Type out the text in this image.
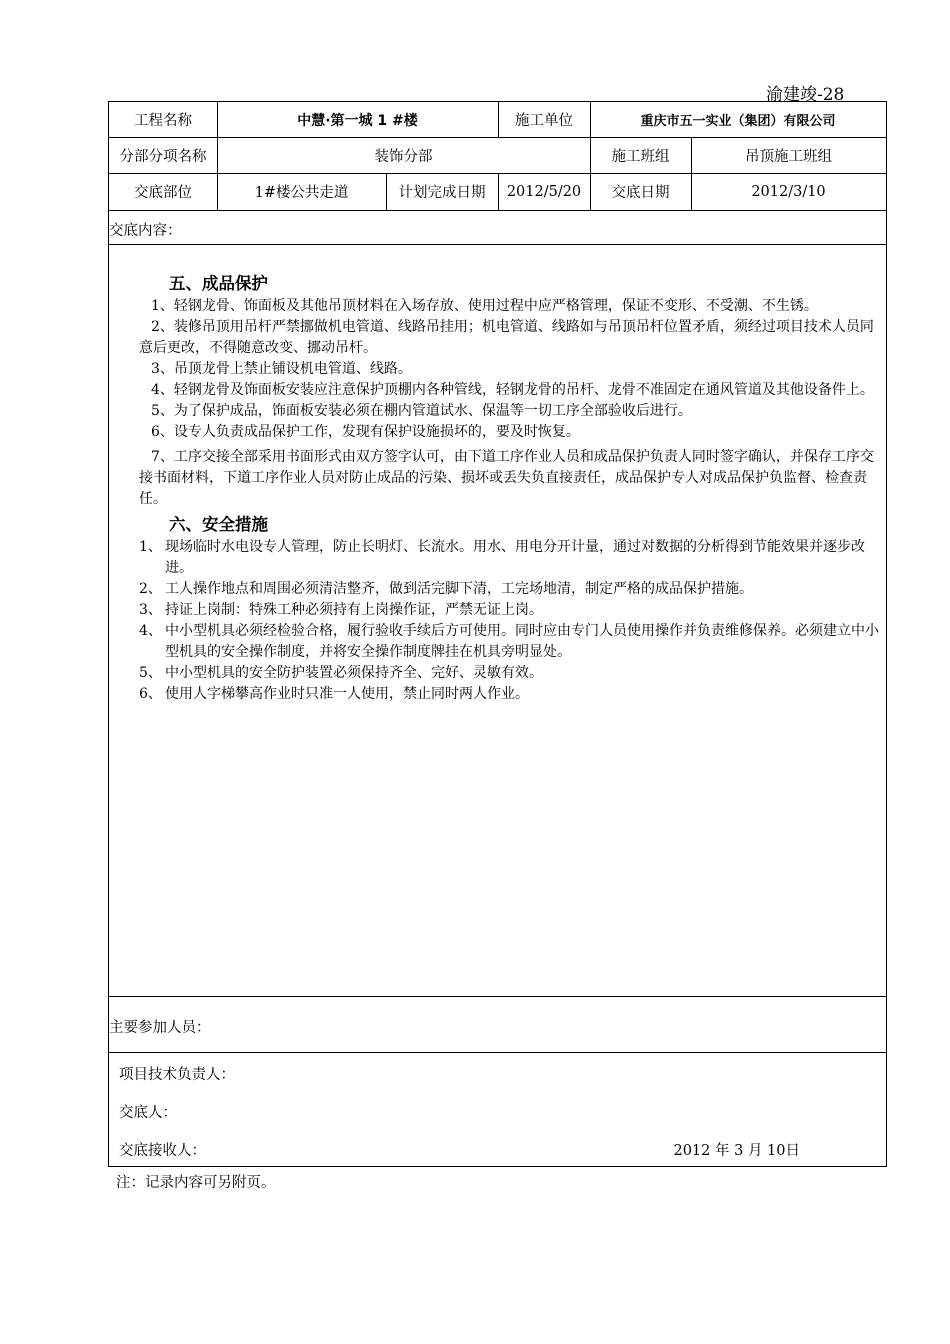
渝建竣-28
工程名称	中慧·第一城 1 #楼	施工单位	重庆市五一实业（集团）有限公司
分部分项名称	装饰分部	施工班组	吊顶施工班组
交底部位	1#楼公共走道	计划完成日期	2012/5/20	交底日期	2012/3/10
交底内容：
五、成品保护
1、轻钢龙骨、饰面板及其他吊顶材料在入场存放、使用过程中应严格管理，保证不变形、不受潮、不生锈。
2、装修吊顶用吊杆严禁挪做机电管道、线路吊挂用；机电管道、线路如与吊顶吊杆位置矛盾，须经过项目技术人员同意后更改，不得随意改变、挪动吊杆。
3、吊顶龙骨上禁止铺设机电管道、线路。
4、轻钢龙骨及饰面板安装应注意保护顶棚内各种管线，轻钢龙骨的吊杆、龙骨不准固定在通风管道及其他设备件上。
5、为了保护成品，饰面板安装必须在棚内管道试水、保温等一切工序全部验收后进行。
6、设专人负责成品保护工作，发现有保护设施损坏的，要及时恢复。
7、工序交接全部采用书面形式由双方签字认可，由下道工序作业人员和成品保护负责人同时签字确认，并保存工序交接书面材料，下道工序作业人员对防止成品的污染、损坏或丢失负直接责任，成品保护专人对成品保护负监督、检查责任。
六、安全措施
1、 现场临时水电设专人管理，防止长明灯、长流水。用水、用电分开计量，通过对数据的分析得到节能效果并逐步改进。
2、 工人操作地点和周围必须清洁整齐，做到活完脚下清，工完场地清，制定严格的成品保护措施。
3、 持证上岗制：特殊工种必须持有上岗操作证，严禁无证上岗。
4、 中小型机具必须经检验合格，履行验收手续后方可使用。同时应由专门人员使用操作并负责维修保养。必须建立中小型机具的安全操作制度，并将安全操作制度牌挂在机具旁明显处。
5、 中小型机具的安全防护装置必须保持齐全、完好、灵敏有效。
6、 使用人字梯攀高作业时只准一人使用，禁止同时两人作业。
主要参加人员：
项目技术负责人：
交底人：
交底接收人：	2012 年 3 月 10日
注：记录内容可另附页。
